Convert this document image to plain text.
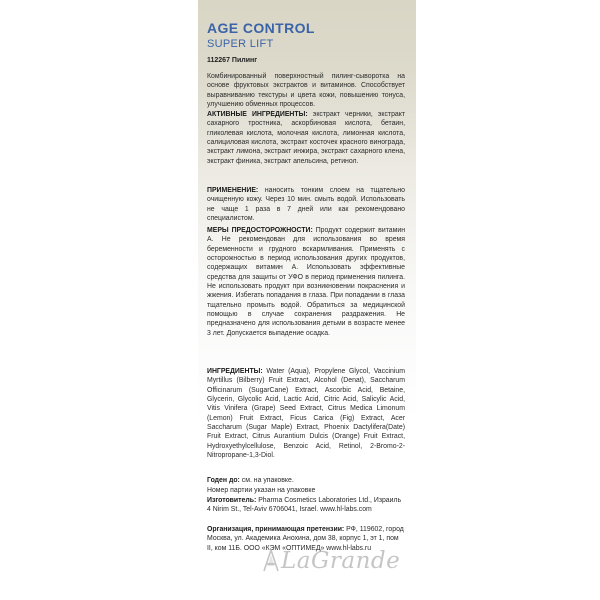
AGE CONTROL
SUPER LIFT
112267 Пилинг
Комбинированный поверхностный пилинг-сыворотка на основе фруктовых экстрактов и витаминов. Способствует выравниванию текстуры и цвета кожи, повышению тонуса, улучшению обменных процессов.
АКТИВНЫЕ ИНГРЕДИЕНТЫ: экстракт черники, экстракт сахарного тростника, аскорбиновая кислота, бетаин, гликолевая кислота, молочная кислота, лимонная кислота, салициловая кислота, экстракт косточек красного винограда, экстракт лимона, экстракт инжира, экстракт сахарного клена, экстракт финика, экстракт апельсина, ретинол.
ПРИМЕНЕНИЕ: наносить тонким слоем на тщательно очищенную кожу. Через 10 мин. смыть водой. Использовать не чаще 1 раза в 7 дней или как рекомендовано специалистом.
МЕРЫ ПРЕДОСТОРОЖНОСТИ: Продукт содержит витамин А. Не рекомендован для использования во время беременности и грудного вскармливания. Применять с осторожностью в период использования других продуктов, содержащих витамин А. Использовать эффективные средства для защиты от УФО в период применения пилинга. Не использовать продукт при возникновении покраснения и жжения. Избегать попадания в глаза. При попадании в глаза тщательно промыть водой. Обратиться за медицинской помощью в случае сохранения раздражения. Не предназначено для использования детьми в возрасте менее 3 лет. Допускается выпадение осадка.
ИНГРЕДИЕНТЫ: Water (Aqua), Propylene Glycol, Vaccinium Myrtillus (Bilberry) Fruit Extract, Alcohol (Denat), Saccharum Officinarum (SugarCane) Extract, Ascorbic Acid, Betaine, Glycerin, Glycolic Acid, Lactic Acid, Citric Acid, Salicylic Acid, Vitis Vinifera (Grape) Seed Extract, Citrus Medica Limonum (Lemon) Fruit Extract, Ficus Carica (Fig) Extract, Acer Saccharum (Sugar Maple) Extract, Phoenix Dactylifera(Date) Fruit Extract, Citrus Aurantium Dulcis (Orange) Fruit Extract, Hydroxyethylcellulose, Benzoic Acid, Retinol, 2-Bromo-2-Nitropropane-1,3-Diol.
Годен до: см. на упаковке.
Номер партии указан на упаковке
Изготовитель: Pharma Cosmetics Laboratories Ltd., Израиль 4 Nirim St., Tel-Aviv 6706041, Israel. www.hl-labs.com
Организация, принимающая претензии: РФ, 119602, город Москва, ул. Академика Анохина, дом 38, корпус 1, эт 1, пом II, ком 11Б. ООО «КЭМ «ОПТИМЕД» www.hl-labs.ru
LaGrande
